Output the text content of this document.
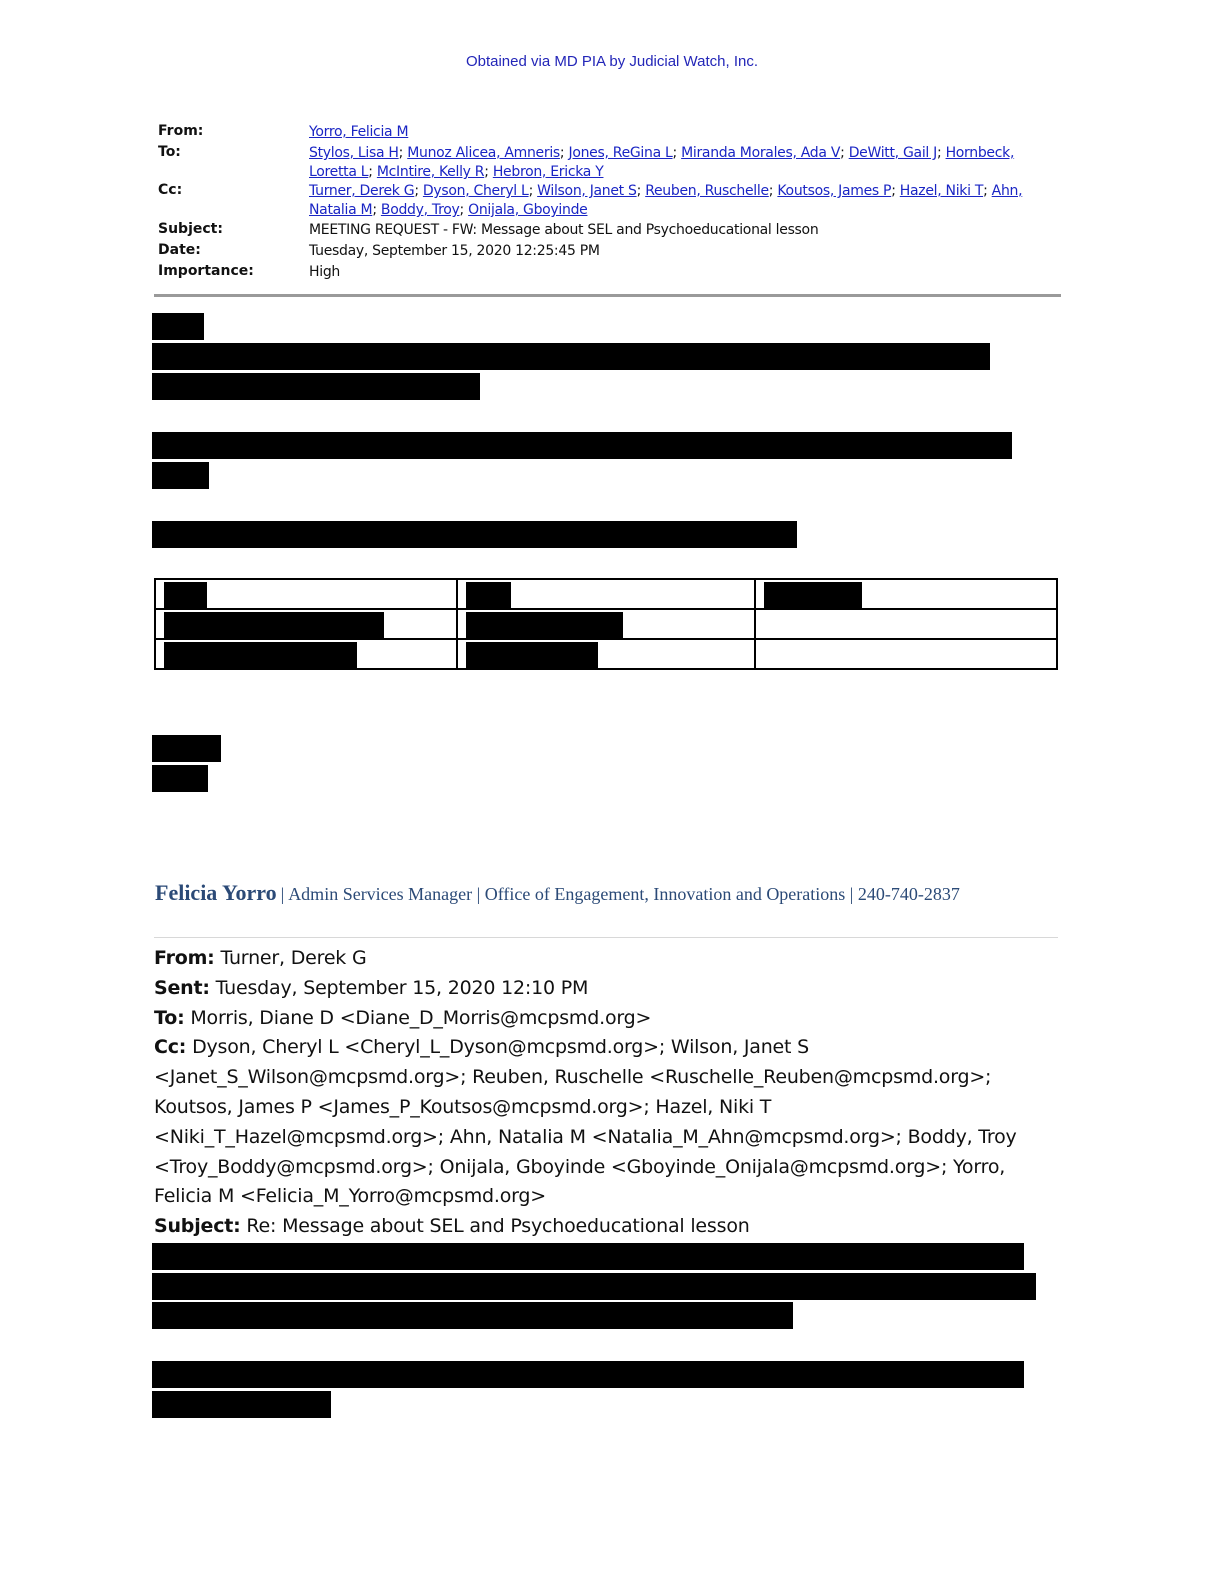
Obtained via MD PIA by Judicial Watch, Inc.
From:	Yorro, Felicia M
To:	Stylos, Lisa H; Munoz Alicea, Amneris; Jones, ReGina L; Miranda Morales, Ada V; DeWitt, Gail J; Hornbeck, Loretta L; McIntire, Kelly R; Hebron, Ericka Y
Cc:	Turner, Derek G; Dyson, Cheryl L; Wilson, Janet S; Reuben, Ruschelle; Koutsos, James P; Hazel, Niki T; Ahn, Natalia M; Boddy, Troy; Onijala, Gboyinde
Subject:	MEETING REQUEST - FW: Message about SEL and Psychoeducational lesson
Date:	Tuesday, September 15, 2020 12:25:45 PM
Importance:	High

Felicia Yorro | Admin Services Manager | Office of Engagement, Innovation and Operations | 240-740-2837
From: Turner, Derek G
Sent: Tuesday, September 15, 2020 12:10 PM
To: Morris, Diane D <Diane_D_Morris@mcpsmd.org>
Cc: Dyson, Cheryl L <Cheryl_L_Dyson@mcpsmd.org>; Wilson, Janet S <Janet_S_Wilson@mcpsmd.org>; Reuben, Ruschelle <Ruschelle_Reuben@mcpsmd.org>; Koutsos, James P <James_P_Koutsos@mcpsmd.org>; Hazel, Niki T <Niki_T_Hazel@mcpsmd.org>; Ahn, Natalia M <Natalia_M_Ahn@mcpsmd.org>; Boddy, Troy <Troy_Boddy@mcpsmd.org>; Onijala, Gboyinde <Gboyinde_Onijala@mcpsmd.org>; Yorro, Felicia M <Felicia_M_Yorro@mcpsmd.org>
Subject: Re: Message about SEL and Psychoeducational lesson
